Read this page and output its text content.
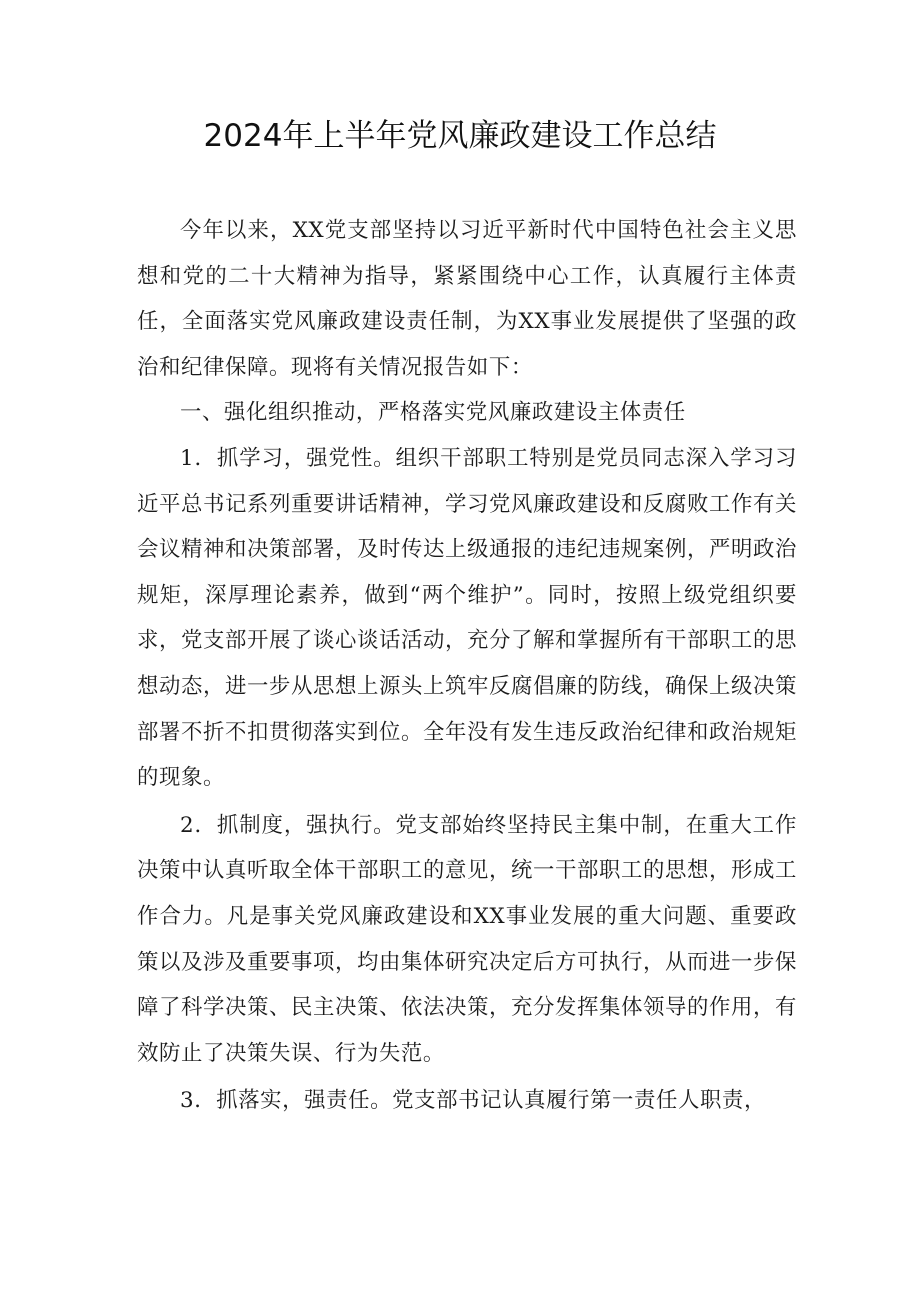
2024年上半年党风廉政建设工作总结

今年以来，XX党支部坚持以习近平新时代中国特色社会主义思想和党的二十大精神为指导，紧紧围绕中心工作，认真履行主体责任，全面落实党风廉政建设责任制，为XX事业发展提供了坚强的政治和纪律保障。现将有关情况报告如下：

一、强化组织推动，严格落实党风廉政建设主体责任

1．抓学习，强党性。组织干部职工特别是党员同志深入学习习近平总书记系列重要讲话精神，学习党风廉政建设和反腐败工作有关会议精神和决策部署，及时传达上级通报的违纪违规案例，严明政治规矩，深厚理论素养，做到“两个维护”。同时，按照上级党组织要求，党支部开展了谈心谈话活动，充分了解和掌握所有干部职工的思想动态，进一步从思想上源头上筑牢反腐倡廉的防线，确保上级决策部署不折不扣贯彻落实到位。全年没有发生违反政治纪律和政治规矩的现象。

2．抓制度，强执行。党支部始终坚持民主集中制，在重大工作决策中认真听取全体干部职工的意见，统一干部职工的思想，形成工作合力。凡是事关党风廉政建设和XX事业发展的重大问题、重要政策以及涉及重要事项，均由集体研究决定后方可执行，从而进一步保障了科学决策、民主决策、依法决策，充分发挥集体领导的作用，有效防止了决策失误、行为失范。

3．抓落实，强责任。党支部书记认真履行第一责任人职责，
